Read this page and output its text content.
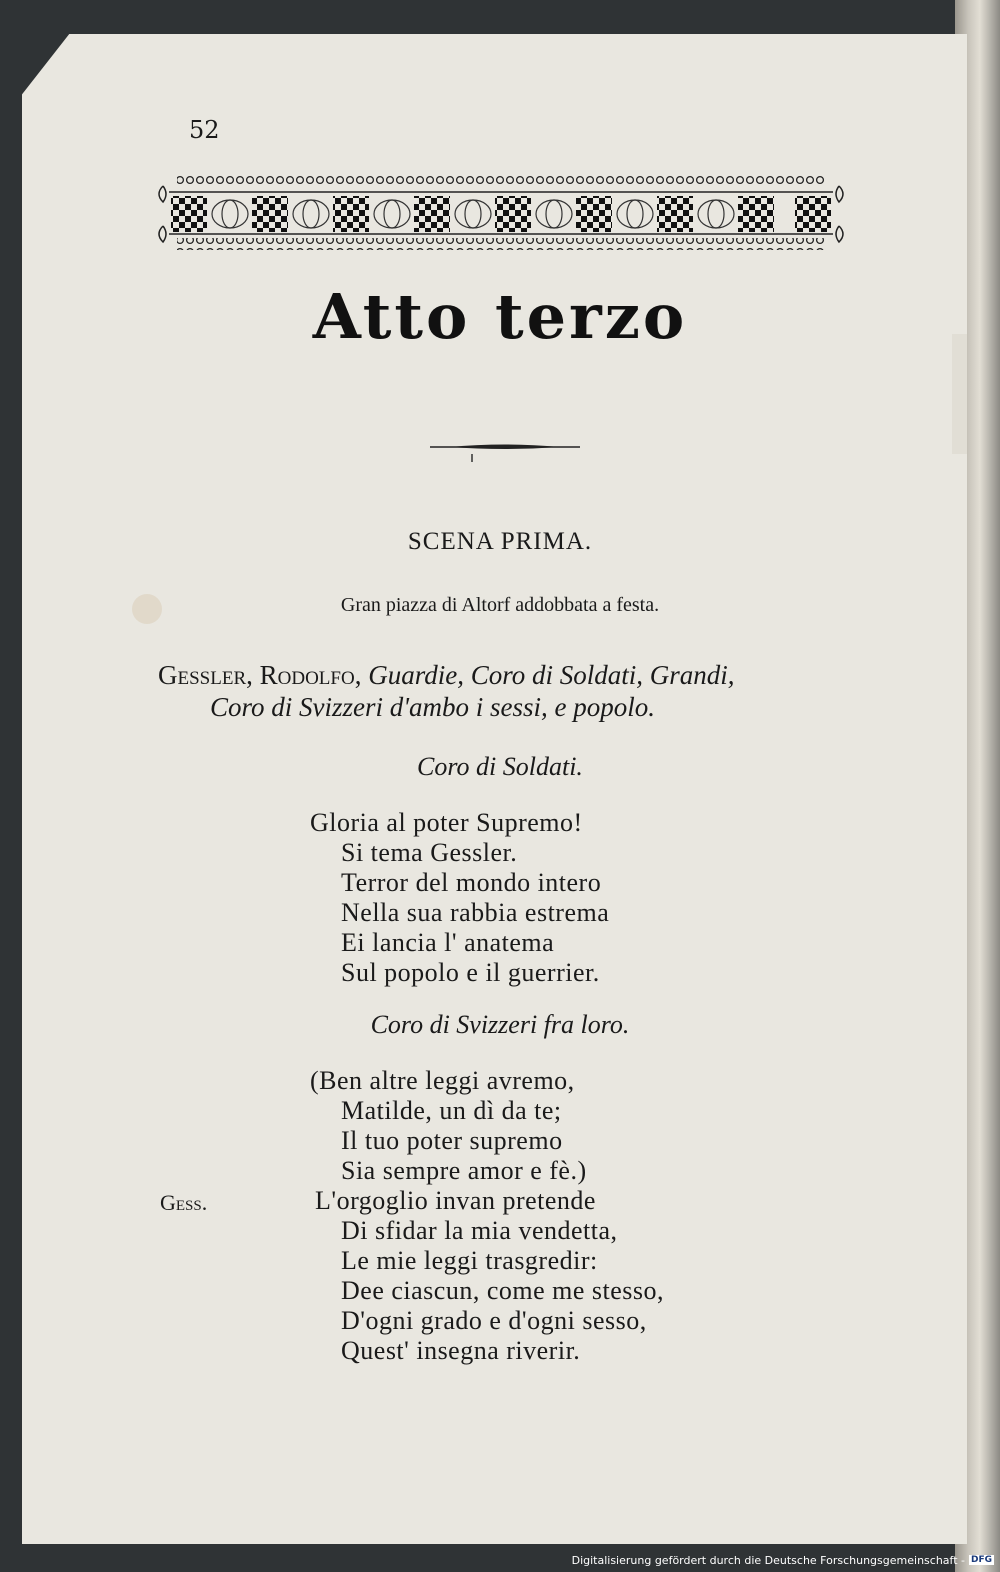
52
Atto terzo
SCENA PRIMA.
Gran piazza di Altorf addobbata a festa.
Gessler, Rodolfo, Guardie, Coro di Soldati, Grandi,
Coro di Svizzeri d'ambo i sessi, e popolo.
Coro di Soldati.
Gloria al poter Supremo!
Si tema Gessler.
Terror del mondo intero
Nella sua rabbia estrema
Ei lancia l' anatema
Sul popolo e il guerrier.
Coro di Svizzeri fra loro.
(Ben altre leggi avremo,
Matilde, un dì da te;
Il tuo poter supremo
Sia sempre amor e fè.)
Gess.	L'orgoglio invan pretende
Di sfidar la mia vendetta,
Le mie leggi trasgredir:
Dee ciascun, come me stesso,
D'ogni grado e d'ogni sesso,
Quest' insegna riverir.
Digitalisierung gefördert durch die Deutsche Forschungsgemeinschaft - DFG
